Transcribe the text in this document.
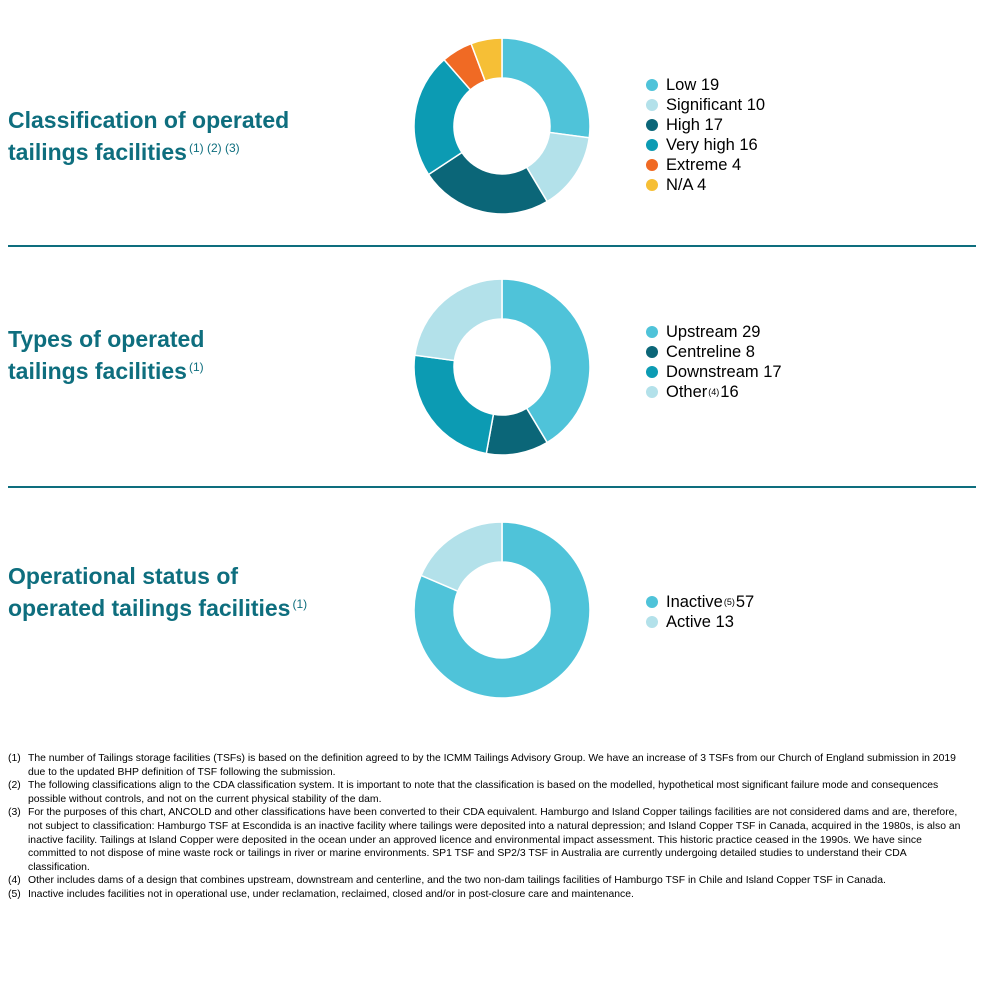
Classification of operated
tailings facilities $^{(1) (2) (3)}$
Low 19
Significant 10
High 17
Very high 16
Extreme 4
N/A 4
Types of operated
tailings facilities $^{(1)}$
Upstream 29
Centreline 8
Downstream 17
Other (4) 16
Operational status of
operated tailings facilities $^{(1)}$	Inactive (5) 57
Active 13
(1) The number of Tailings storage facilities (TSFs) is based on the definition agreed to by the ICMM Tailings Advisory Group. We have an increase of 3 TSFs from our Church of England submission in 2019 due to the updated BHP definition of TSF following the submission.
(2) The following classifications align to the CDA classification system. It is important to note that the classification is based on the modelled, hypothetical most significant failure mode and consequences possible without controls, and not on the current physical stability of the dam.
(3) For the purposes of this chart, ANCOLD and other classifications have been converted to their CDA equivalent. Hamburgo and Island Copper tailings facilities are not considered dams and are, therefore, not subject to classification: Hamburgo TSF at Escondida is an inactive facility where tailings were deposited into a natural depression; and Island Copper TSF in Canada, acquired in the 1980s, is also an inactive facility. Tailings at Island Copper were deposited in the ocean under an approved licence and environmental impact assessment. This historic practice ceased in the 1990s. We have since committed to not dispose of mine waste rock or tailings in river or marine environments. SP1 TSF and SP2/3 TSF in Australia are currently undergoing detailed studies to understand their CDA classification.
(4) Other includes dams of a design that combines upstream, downstream and centerline, and the two non-dam tailings facilities of Hamburgo TSF in Chile and Island Copper TSF in Canada.
(5) Inactive includes facilities not in operational use, under reclamation, reclaimed, closed and/or in post-closure care and maintenance.
